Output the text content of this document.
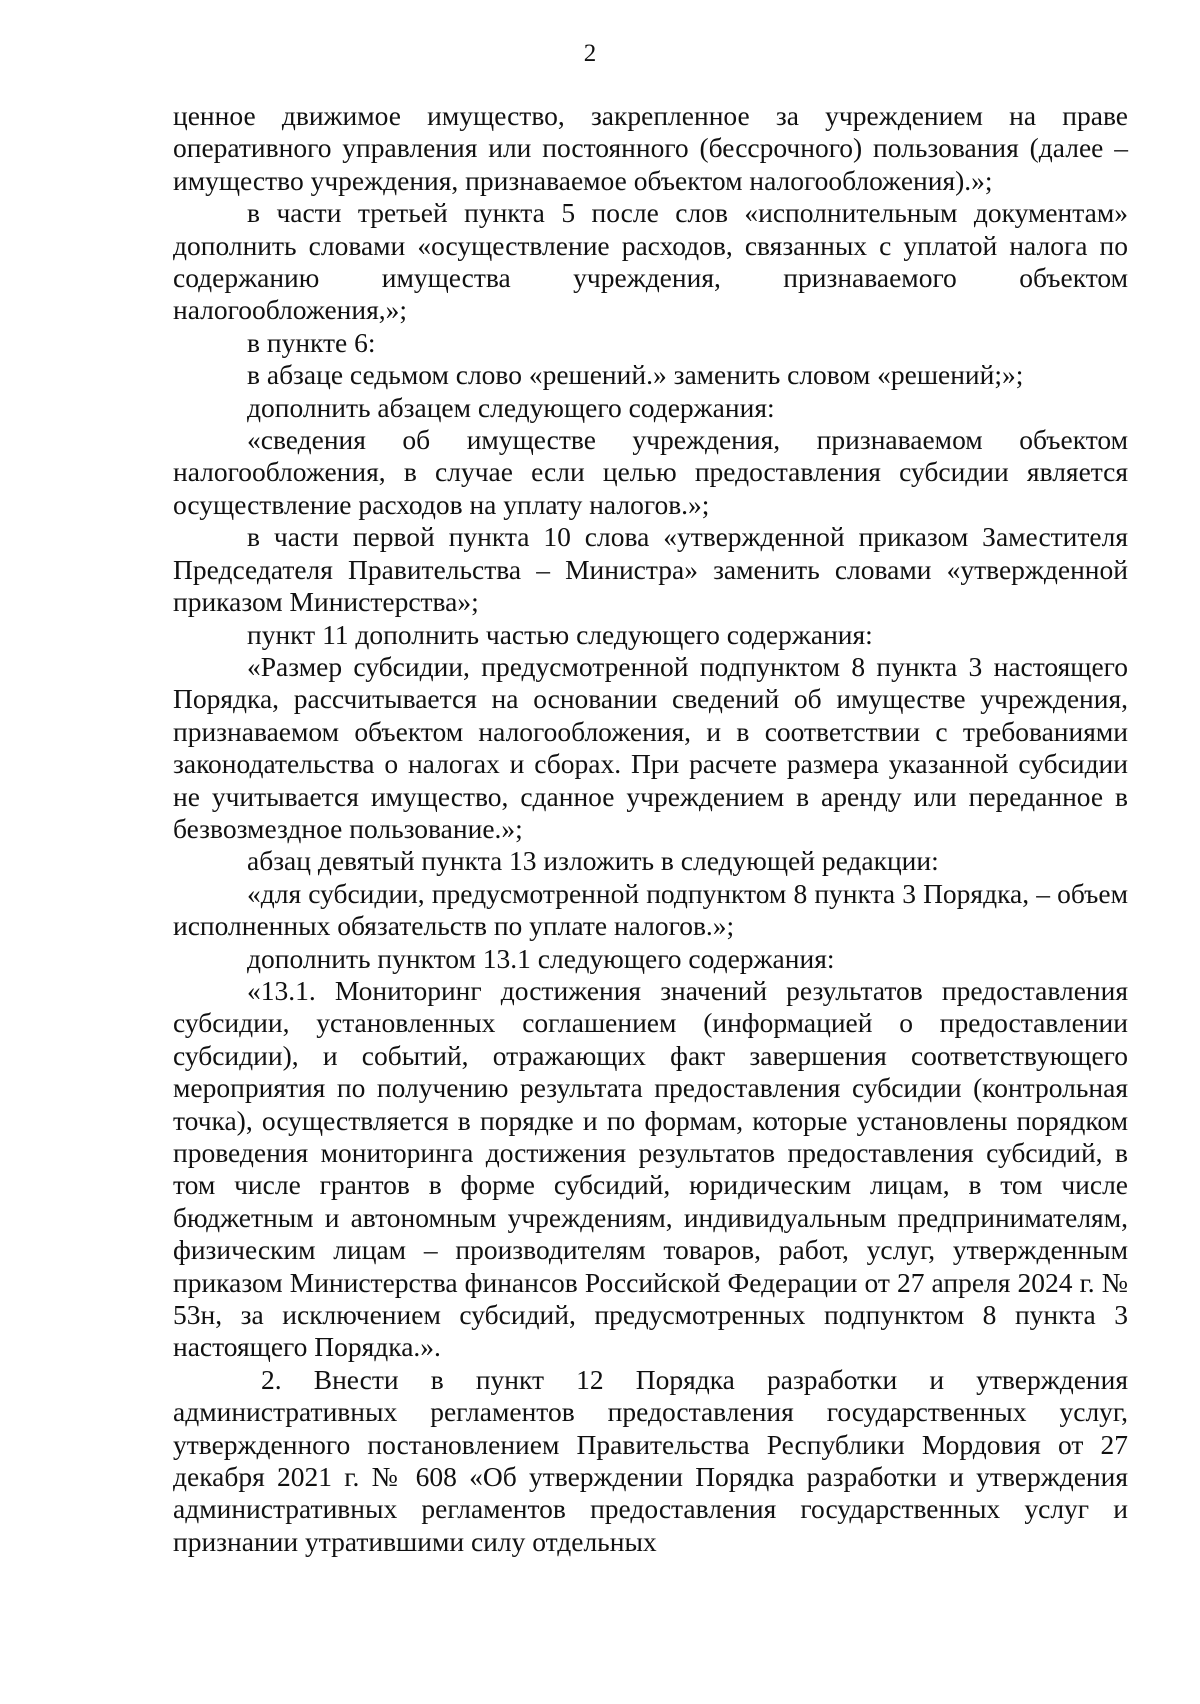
2

ценное движимое имущество, закрепленное за учреждением на праве оперативного управления или постоянного (бессрочного) пользования (далее – имущество учреждения, признаваемое объектом налогообложения).»;

в части третьей пункта 5 после слов «исполнительным документам» дополнить словами «осуществление расходов, связанных с уплатой налога по содержанию имущества учреждения, признаваемого объектом налогообложения,»;

в пункте 6:

в абзаце седьмом слово «решений.» заменить словом «решений;»;

дополнить абзацем следующего содержания:

«сведения об имуществе учреждения, признаваемом объектом налогообложения, в случае если целью предоставления субсидии является осуществление расходов на уплату налогов.»;

в части первой пункта 10 слова «утвержденной приказом Заместителя Председателя Правительства – Министра» заменить словами «утвержденной приказом Министерства»;

пункт 11 дополнить частью следующего содержания:

«Размер субсидии, предусмотренной подпунктом 8 пункта 3 настоящего Порядка, рассчитывается на основании сведений об имуществе учреждения, признаваемом объектом налогообложения, и в соответствии с требованиями законодательства о налогах и сборах. При расчете размера указанной субсидии не учитывается имущество, сданное учреждением в аренду или переданное в безвозмездное пользование.»;

абзац девятый пункта 13 изложить в следующей редакции:

«для субсидии, предусмотренной подпунктом 8 пункта 3 Порядка, – объем исполненных обязательств по уплате налогов.»;

дополнить пунктом 13.1 следующего содержания:

«13.1. Мониторинг достижения значений результатов предоставления субсидии, установленных соглашением (информацией о предоставлении субсидии), и событий, отражающих факт завершения соответствующего мероприятия по получению результата предоставления субсидии (контрольная точка), осуществляется в порядке и по формам, которые установлены порядком проведения мониторинга достижения результатов предоставления субсидий, в том числе грантов в форме субсидий, юридическим лицам, в том числе бюджетным и автономным учреждениям, индивидуальным предпринимателям, физическим лицам – производителям товаров, работ, услуг, утвержденным приказом Министерства финансов Российской Федерации от 27 апреля 2024 г. № 53н, за исключением субсидий, предусмотренных подпунктом 8 пункта 3 настоящего Порядка.».

2. Внести в пункт 12 Порядка разработки и утверждения административных регламентов предоставления государственных услуг, утвержденного постановлением Правительства Республики Мордовия от 27 декабря 2021 г. № 608 «Об утверждении Порядка разработки и утверждения административных регламентов предоставления государственных услуг и признании утратившими силу отдельных
